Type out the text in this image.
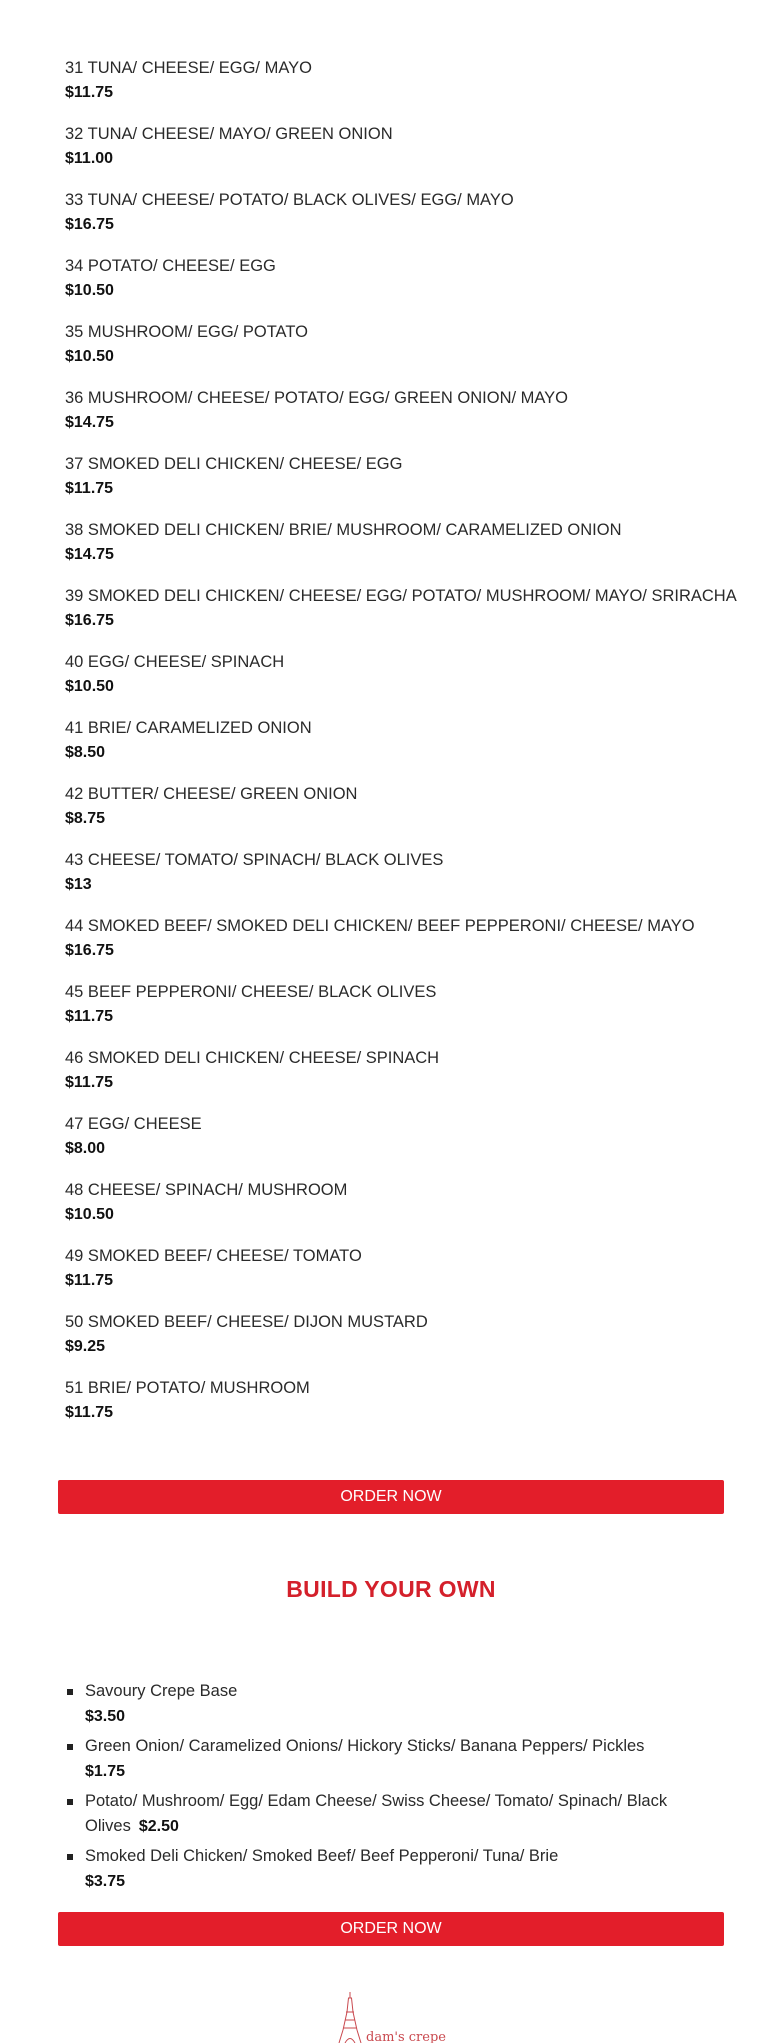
31 TUNA/ CHEESE/ EGG/ MAYO
$11.75
32 TUNA/ CHEESE/ MAYO/ GREEN ONION
$11.00
33 TUNA/ CHEESE/ POTATO/ BLACK OLIVES/ EGG/ MAYO
$16.75
34 POTATO/ CHEESE/ EGG
$10.50
35 MUSHROOM/ EGG/ POTATO
$10.50
36 MUSHROOM/ CHEESE/ POTATO/ EGG/ GREEN ONION/ MAYO
$14.75
37 SMOKED DELI CHICKEN/ CHEESE/ EGG
$11.75
38 SMOKED DELI CHICKEN/ BRIE/ MUSHROOM/ CARAMELIZED ONION
$14.75
39 SMOKED DELI CHICKEN/ CHEESE/ EGG/ POTATO/ MUSHROOM/ MAYO/ SRIRACHA
$16.75
40 EGG/ CHEESE/ SPINACH
$10.50
41 BRIE/ CARAMELIZED ONION
$8.50
42 BUTTER/ CHEESE/ GREEN ONION
$8.75
43 CHEESE/ TOMATO/ SPINACH/ BLACK OLIVES
$13
44 SMOKED BEEF/ SMOKED DELI CHICKEN/ BEEF PEPPERONI/ CHEESE/ MAYO
$16.75
45 BEEF PEPPERONI/ CHEESE/ BLACK OLIVES
$11.75
46 SMOKED DELI CHICKEN/ CHEESE/ SPINACH
$11.75
47 EGG/ CHEESE
$8.00
48 CHEESE/ SPINACH/ MUSHROOM
$10.50
49 SMOKED BEEF/ CHEESE/ TOMATO
$11.75
50 SMOKED BEEF/ CHEESE/ DIJON MUSTARD
$9.25
51 BRIE/ POTATO/ MUSHROOM
$11.75
ORDER NOW
BUILD YOUR OWN
Savoury Crepe Base
$3.50
Green Onion/ Caramelized Onions/ Hickory Sticks/ Banana Peppers/ Pickles
$1.75
Potato/ Mushroom/ Egg/ Edam Cheese/ Swiss Cheese/ Tomato/ Spinach/ Black Olives $2.50
Smoked Deli Chicken/ Smoked Beef/ Beef Pepperoni/ Tuna/ Brie
$3.75
ORDER NOW
dam's crepe
